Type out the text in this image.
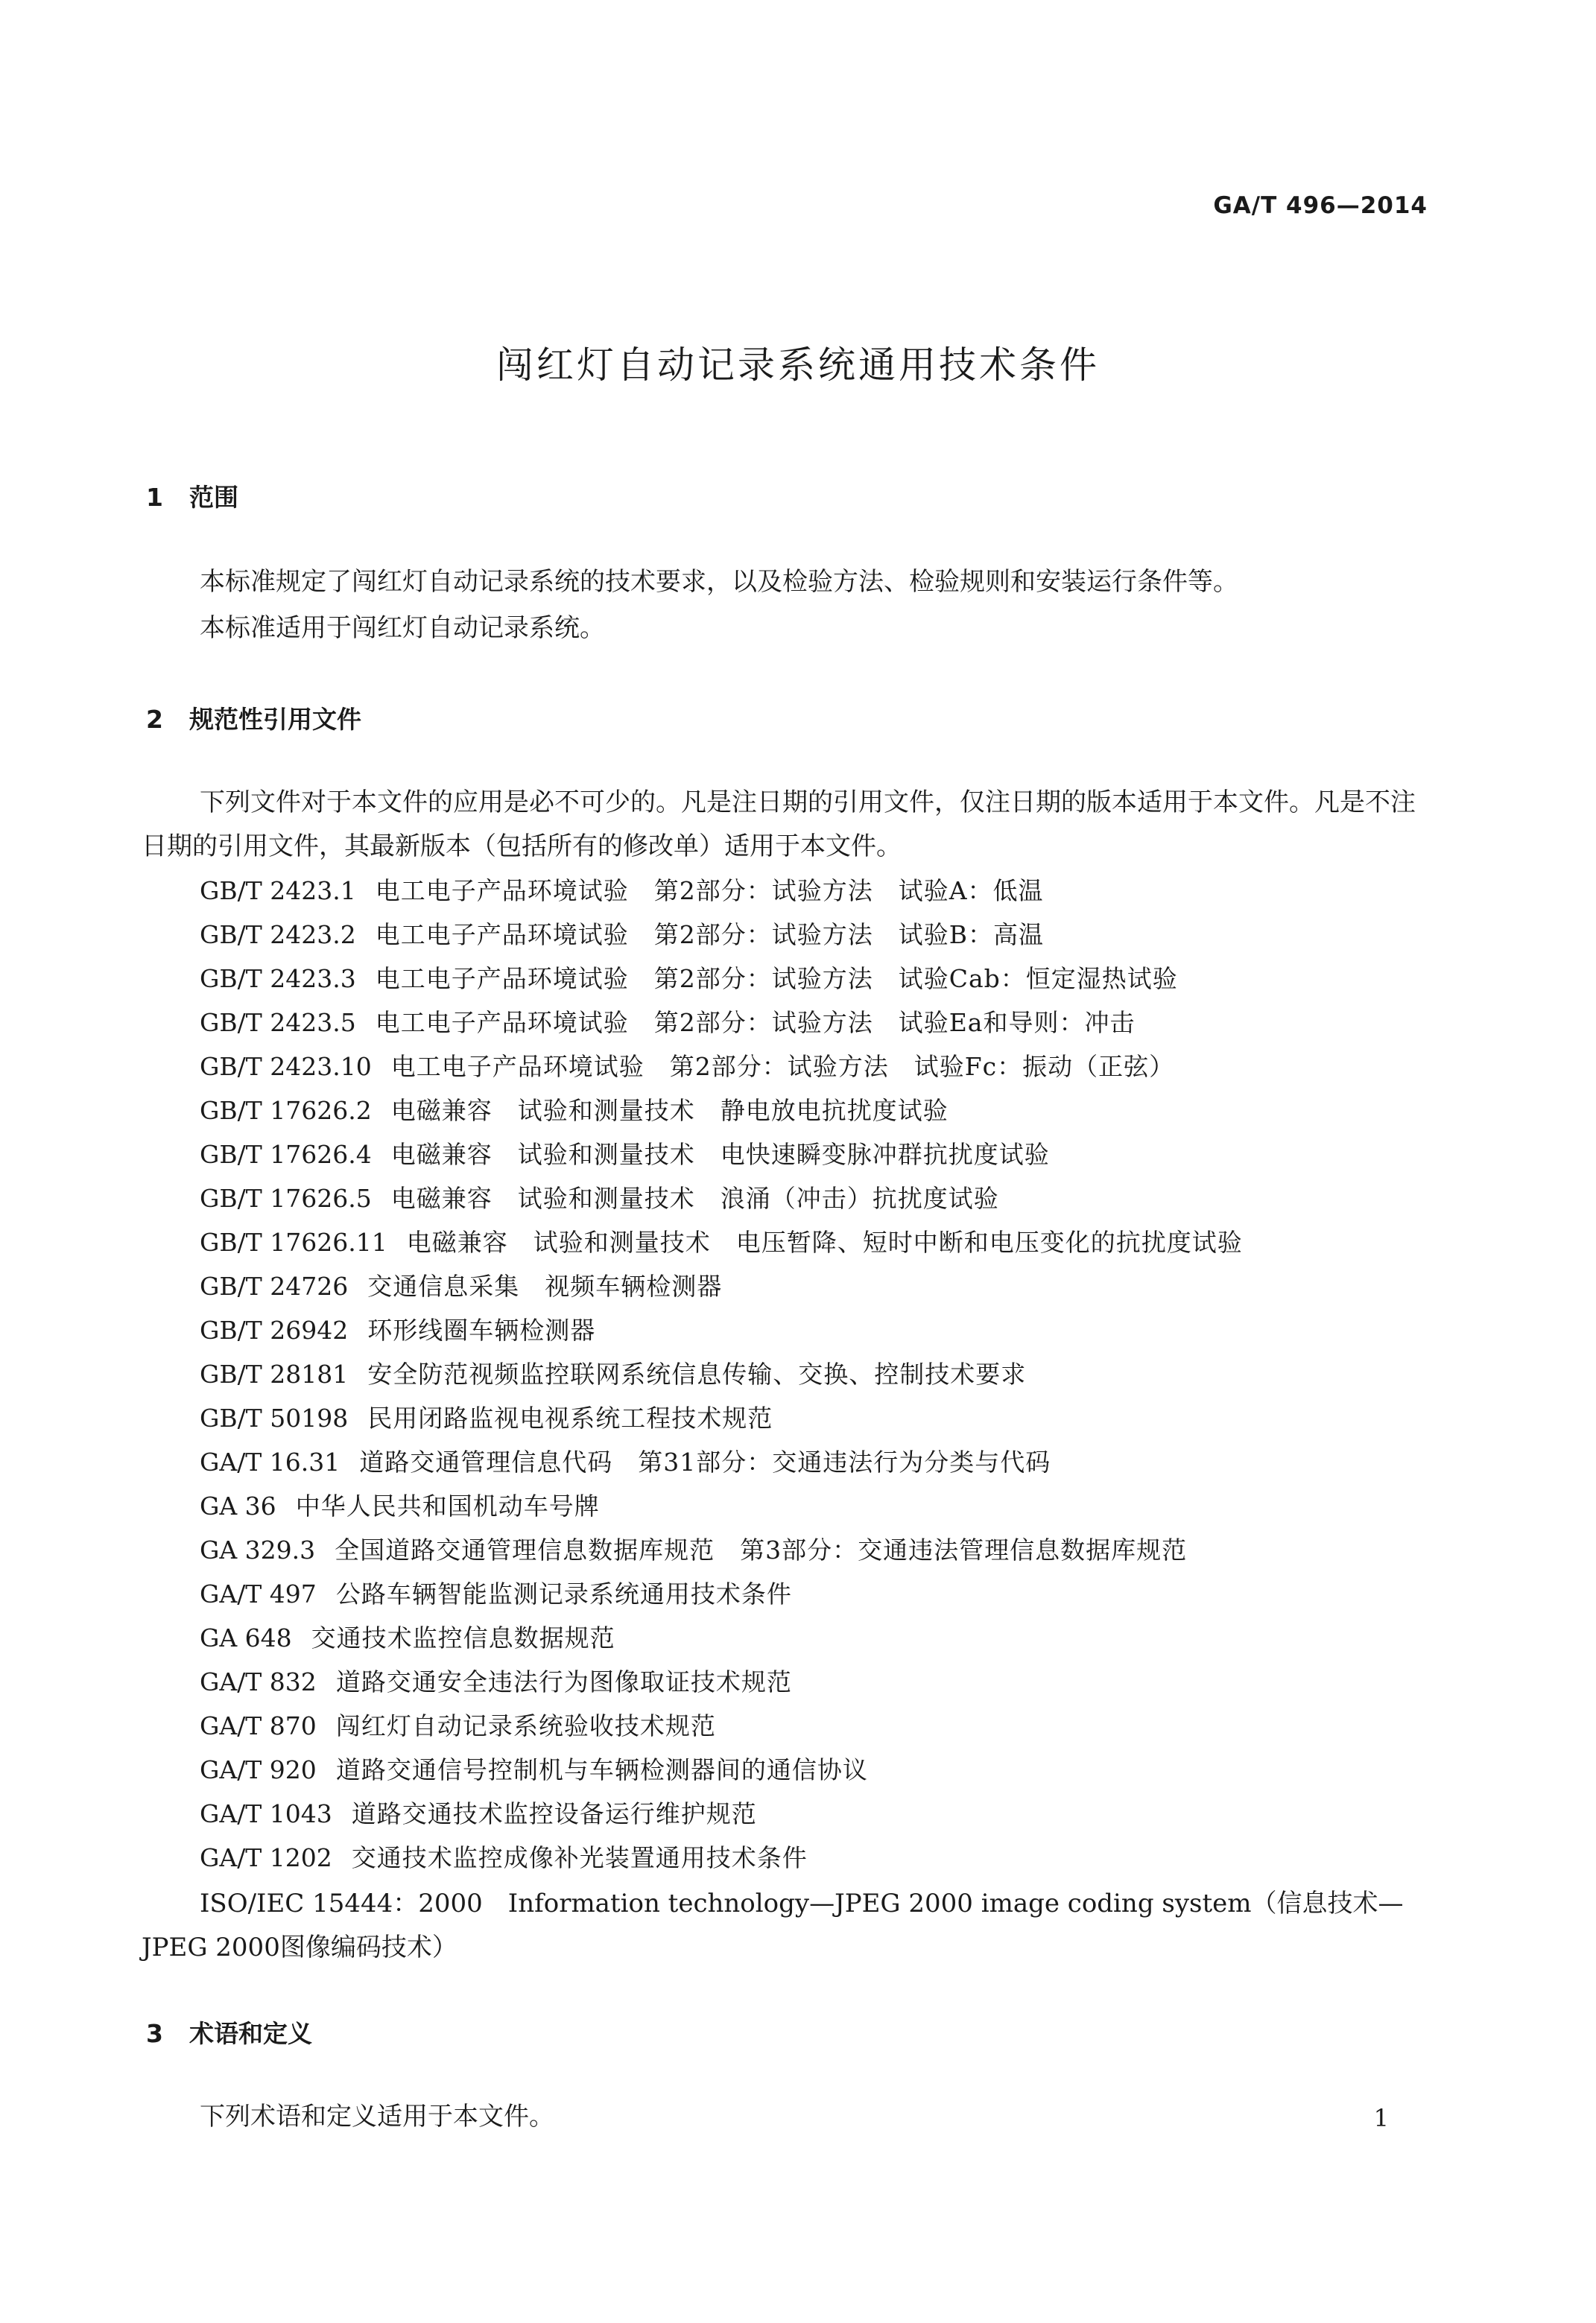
GA/T 496—2014
闯红灯自动记录系统通用技术条件
1 范围

本标准规定了闯红灯自动记录系统的技术要求，以及检验方法、检验规则和安装运行条件等。

本标准适用于闯红灯自动记录系统。

2 规范性引用文件

下列文件对于本文件的应用是必不可少的。凡是注日期的引用文件，仅注日期的版本适用于本文件。凡是不注日期的引用文件，其最新版本（包括所有的修改单）适用于本文件。

GB/T 2423.1 电工电子产品环境试验　第2部分：试验方法　试验A：低温
GB/T 2423.2 电工电子产品环境试验　第2部分：试验方法　试验B：高温
GB/T 2423.3 电工电子产品环境试验　第2部分：试验方法　试验Cab：恒定湿热试验
GB/T 2423.5 电工电子产品环境试验　第2部分：试验方法　试验Ea和导则：冲击
GB/T 2423.10 电工电子产品环境试验　第2部分：试验方法　试验Fc：振动（正弦）
GB/T 17626.2 电磁兼容　试验和测量技术　静电放电抗扰度试验
GB/T 17626.4 电磁兼容　试验和测量技术　电快速瞬变脉冲群抗扰度试验
GB/T 17626.5 电磁兼容　试验和测量技术　浪涌（冲击）抗扰度试验
GB/T 17626.11 电磁兼容　试验和测量技术　电压暂降、短时中断和电压变化的抗扰度试验
GB/T 24726 交通信息采集　视频车辆检测器
GB/T 26942 环形线圈车辆检测器
GB/T 28181 安全防范视频监控联网系统信息传输、交换、控制技术要求
GB/T 50198 民用闭路监视电视系统工程技术规范
GA/T 16.31 道路交通管理信息代码　第31部分：交通违法行为分类与代码
GA 36 中华人民共和国机动车号牌
GA 329.3 全国道路交通管理信息数据库规范　第3部分：交通违法管理信息数据库规范
GA/T 497 公路车辆智能监测记录系统通用技术条件
GA 648 交通技术监控信息数据规范
GA/T 832 道路交通安全违法行为图像取证技术规范
GA/T 870 闯红灯自动记录系统验收技术规范
GA/T 920 道路交通信号控制机与车辆检测器间的通信协议
GA/T 1043 道路交通技术监控设备运行维护规范
GA/T 1202 交通技术监控成像补光装置通用技术条件

ISO/IEC 15444：2000　Information technology—JPEG 2000 image coding system（信息技术—JPEG 2000图像编码技术）

3 术语和定义

下列术语和定义适用于本文件。	1
